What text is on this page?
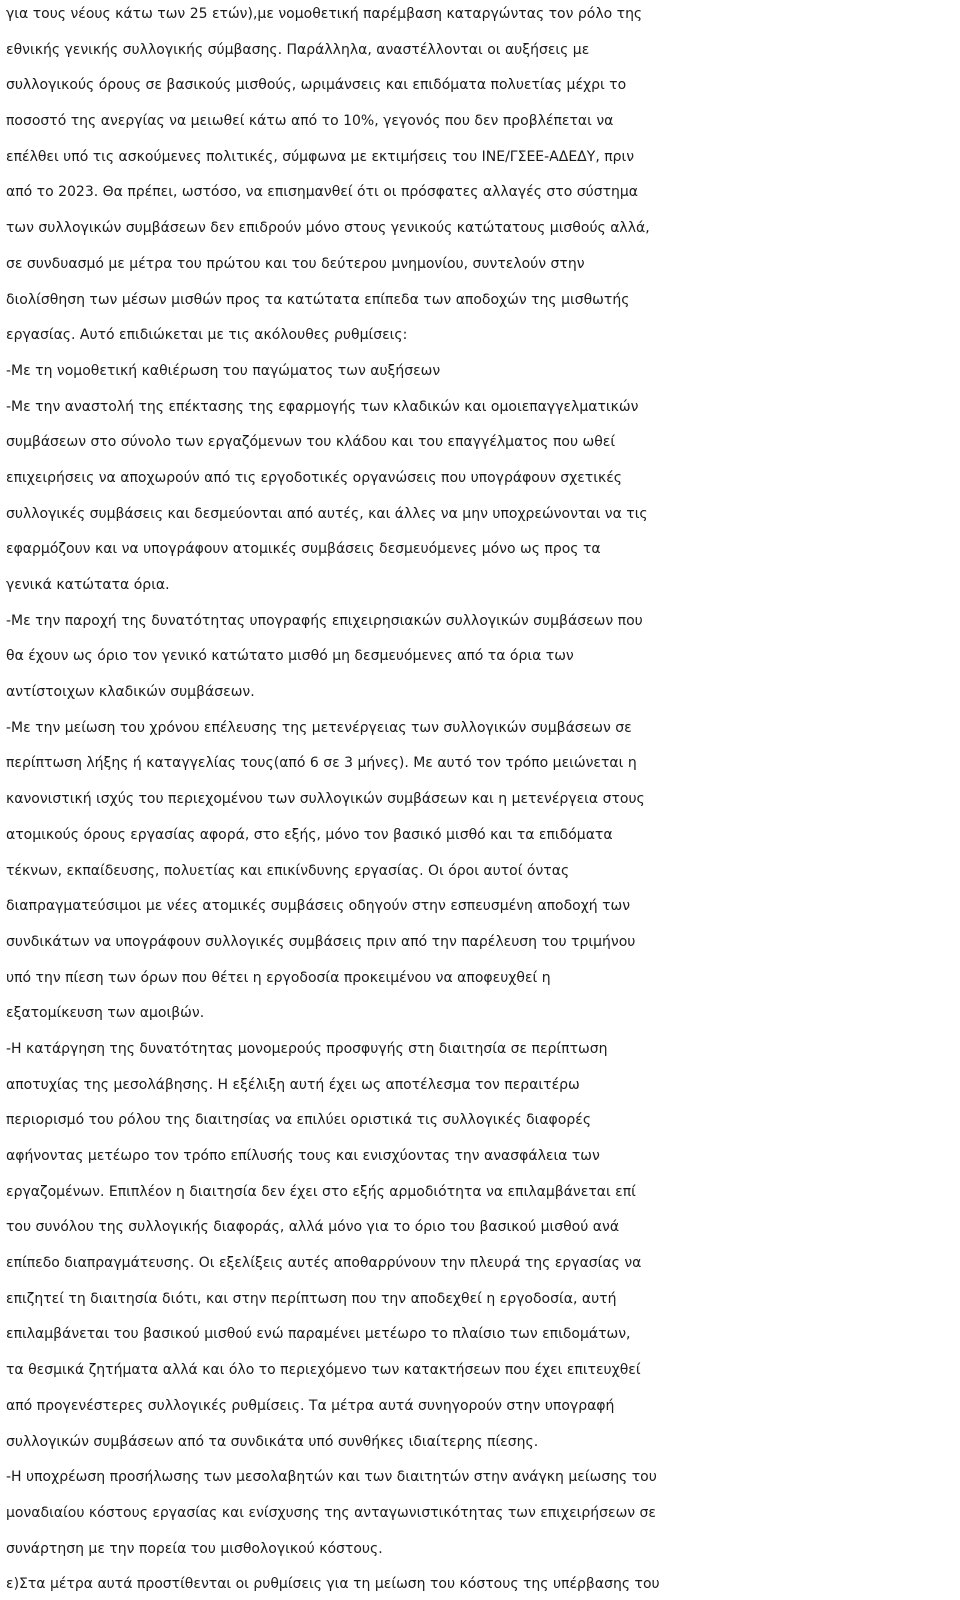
για τους νέους κάτω των 25 ετών),με νομοθετική παρέμβαση καταργώντας τον ρόλο της

εθνικής γενικής συλλογικής σύμβασης. Παράλληλα, αναστέλλονται οι αυξήσεις με

συλλογικούς όρους σε βασικούς μισθούς, ωριμάνσεις και επιδόματα πολυετίας μέχρι το

ποσοστό της ανεργίας να μειωθεί κάτω από το 10%, γεγονός που δεν προβλέπεται να

επέλθει υπό τις ασκούμενες πολιτικές, σύμφωνα με εκτιμήσεις του ΙΝΕ/ΓΣΕΕ-ΑΔΕΔΥ, πριν

από το 2023. Θα πρέπει, ωστόσο, να επισημανθεί ότι οι πρόσφατες αλλαγές στο σύστημα

των συλλογικών συμβάσεων δεν επιδρούν μόνο στους γενικούς κατώτατους μισθούς αλλά,

σε συνδυασμό με μέτρα του πρώτου και του δεύτερου μνημονίου, συντελούν στην

διολίσθηση των μέσων μισθών προς τα κατώτατα επίπεδα των αποδοχών της μισθωτής

εργασίας. Αυτό επιδιώκεται με τις ακόλουθες ρυθμίσεις:

-Με τη νομοθετική καθιέρωση του παγώματος των αυξήσεων

-Με την αναστολή της επέκτασης της εφαρμογής των κλαδικών και ομοιεπαγγελματικών

συμβάσεων στο σύνολο των εργαζόμενων του κλάδου και του επαγγέλματος που ωθεί

επιχειρήσεις να αποχωρούν από τις εργοδοτικές οργανώσεις που υπογράφουν σχετικές

συλλογικές συμβάσεις και δεσμεύονται από αυτές, και άλλες να μην υποχρεώνονται να τις

εφαρμόζουν και να υπογράφουν ατομικές συμβάσεις δεσμευόμενες μόνο ως προς τα

γενικά κατώτατα όρια.

-Με την παροχή της δυνατότητας υπογραφής επιχειρησιακών συλλογικών συμβάσεων που

θα έχουν ως όριο τον γενικό κατώτατο μισθό μη δεσμευόμενες από τα όρια των

αντίστοιχων κλαδικών συμβάσεων.

-Με την μείωση του χρόνου επέλευσης της μετενέργειας των συλλογικών συμβάσεων σε

περίπτωση λήξης ή καταγγελίας τους(από 6 σε 3 μήνες). Με αυτό τον τρόπο μειώνεται η

κανονιστική ισχύς του περιεχομένου των συλλογικών συμβάσεων και η μετενέργεια στους

ατομικούς όρους εργασίας αφορά, στο εξής, μόνο τον βασικό μισθό και τα επιδόματα

τέκνων, εκπαίδευσης, πολυετίας και επικίνδυνης εργασίας. Οι όροι αυτοί όντας

διαπραγματεύσιμοι με νέες ατομικές συμβάσεις οδηγούν στην εσπευσμένη αποδοχή των

συνδικάτων να υπογράφουν συλλογικές συμβάσεις πριν από την παρέλευση του τριμήνου

υπό την πίεση των όρων που θέτει η εργοδοσία προκειμένου να αποφευχθεί η

εξατομίκευση των αμοιβών.

-Η κατάργηση της δυνατότητας μονομερούς προσφυγής στη διαιτησία σε περίπτωση

αποτυχίας της μεσολάβησης. Η εξέλιξη αυτή έχει ως αποτέλεσμα τον περαιτέρω

περιορισμό του ρόλου της διαιτησίας να επιλύει οριστικά τις συλλογικές διαφορές

αφήνοντας μετέωρο τον τρόπο επίλυσής τους και ενισχύοντας την ανασφάλεια των

εργαζομένων. Επιπλέον η διαιτησία δεν έχει στο εξής αρμοδιότητα να επιλαμβάνεται επί

του συνόλου της συλλογικής διαφοράς, αλλά μόνο για το όριο του βασικού μισθού ανά

επίπεδο διαπραγμάτευσης. Οι εξελίξεις αυτές αποθαρρύνουν την πλευρά της εργασίας να

επιζητεί τη διαιτησία διότι, και στην περίπτωση που την αποδεχθεί η εργοδοσία, αυτή

επιλαμβάνεται του βασικού μισθού ενώ παραμένει μετέωρο το πλαίσιο των επιδομάτων,

τα θεσμικά ζητήματα αλλά και όλο το περιεχόμενο των κατακτήσεων που έχει επιτευχθεί

από προγενέστερες συλλογικές ρυθμίσεις. Τα μέτρα αυτά συνηγορούν στην υπογραφή

συλλογικών συμβάσεων από τα συνδικάτα υπό συνθήκες ιδιαίτερης πίεσης.

-Η υποχρέωση προσήλωσης των μεσολαβητών και των διαιτητών στην ανάγκη μείωσης του

μοναδιαίου κόστους εργασίας και ενίσχυσης της ανταγωνιστικότητας των επιχειρήσεων σε

συνάρτηση με την πορεία του μισθολογικού κόστους.

ε)Στα μέτρα αυτά προστίθενται οι ρυθμίσεις για τη μείωση του κόστους της υπέρβασης του
